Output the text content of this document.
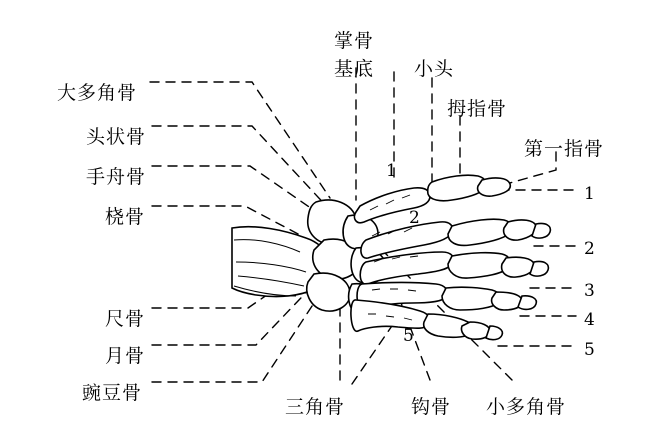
大多角骨
头状骨
手舟骨
桡骨
尺骨
月骨
豌豆骨
掌骨
基底 小头
拇指骨
第一指骨
三角骨	钩骨 小多角骨
1
2
5
1
2
3
4
5
